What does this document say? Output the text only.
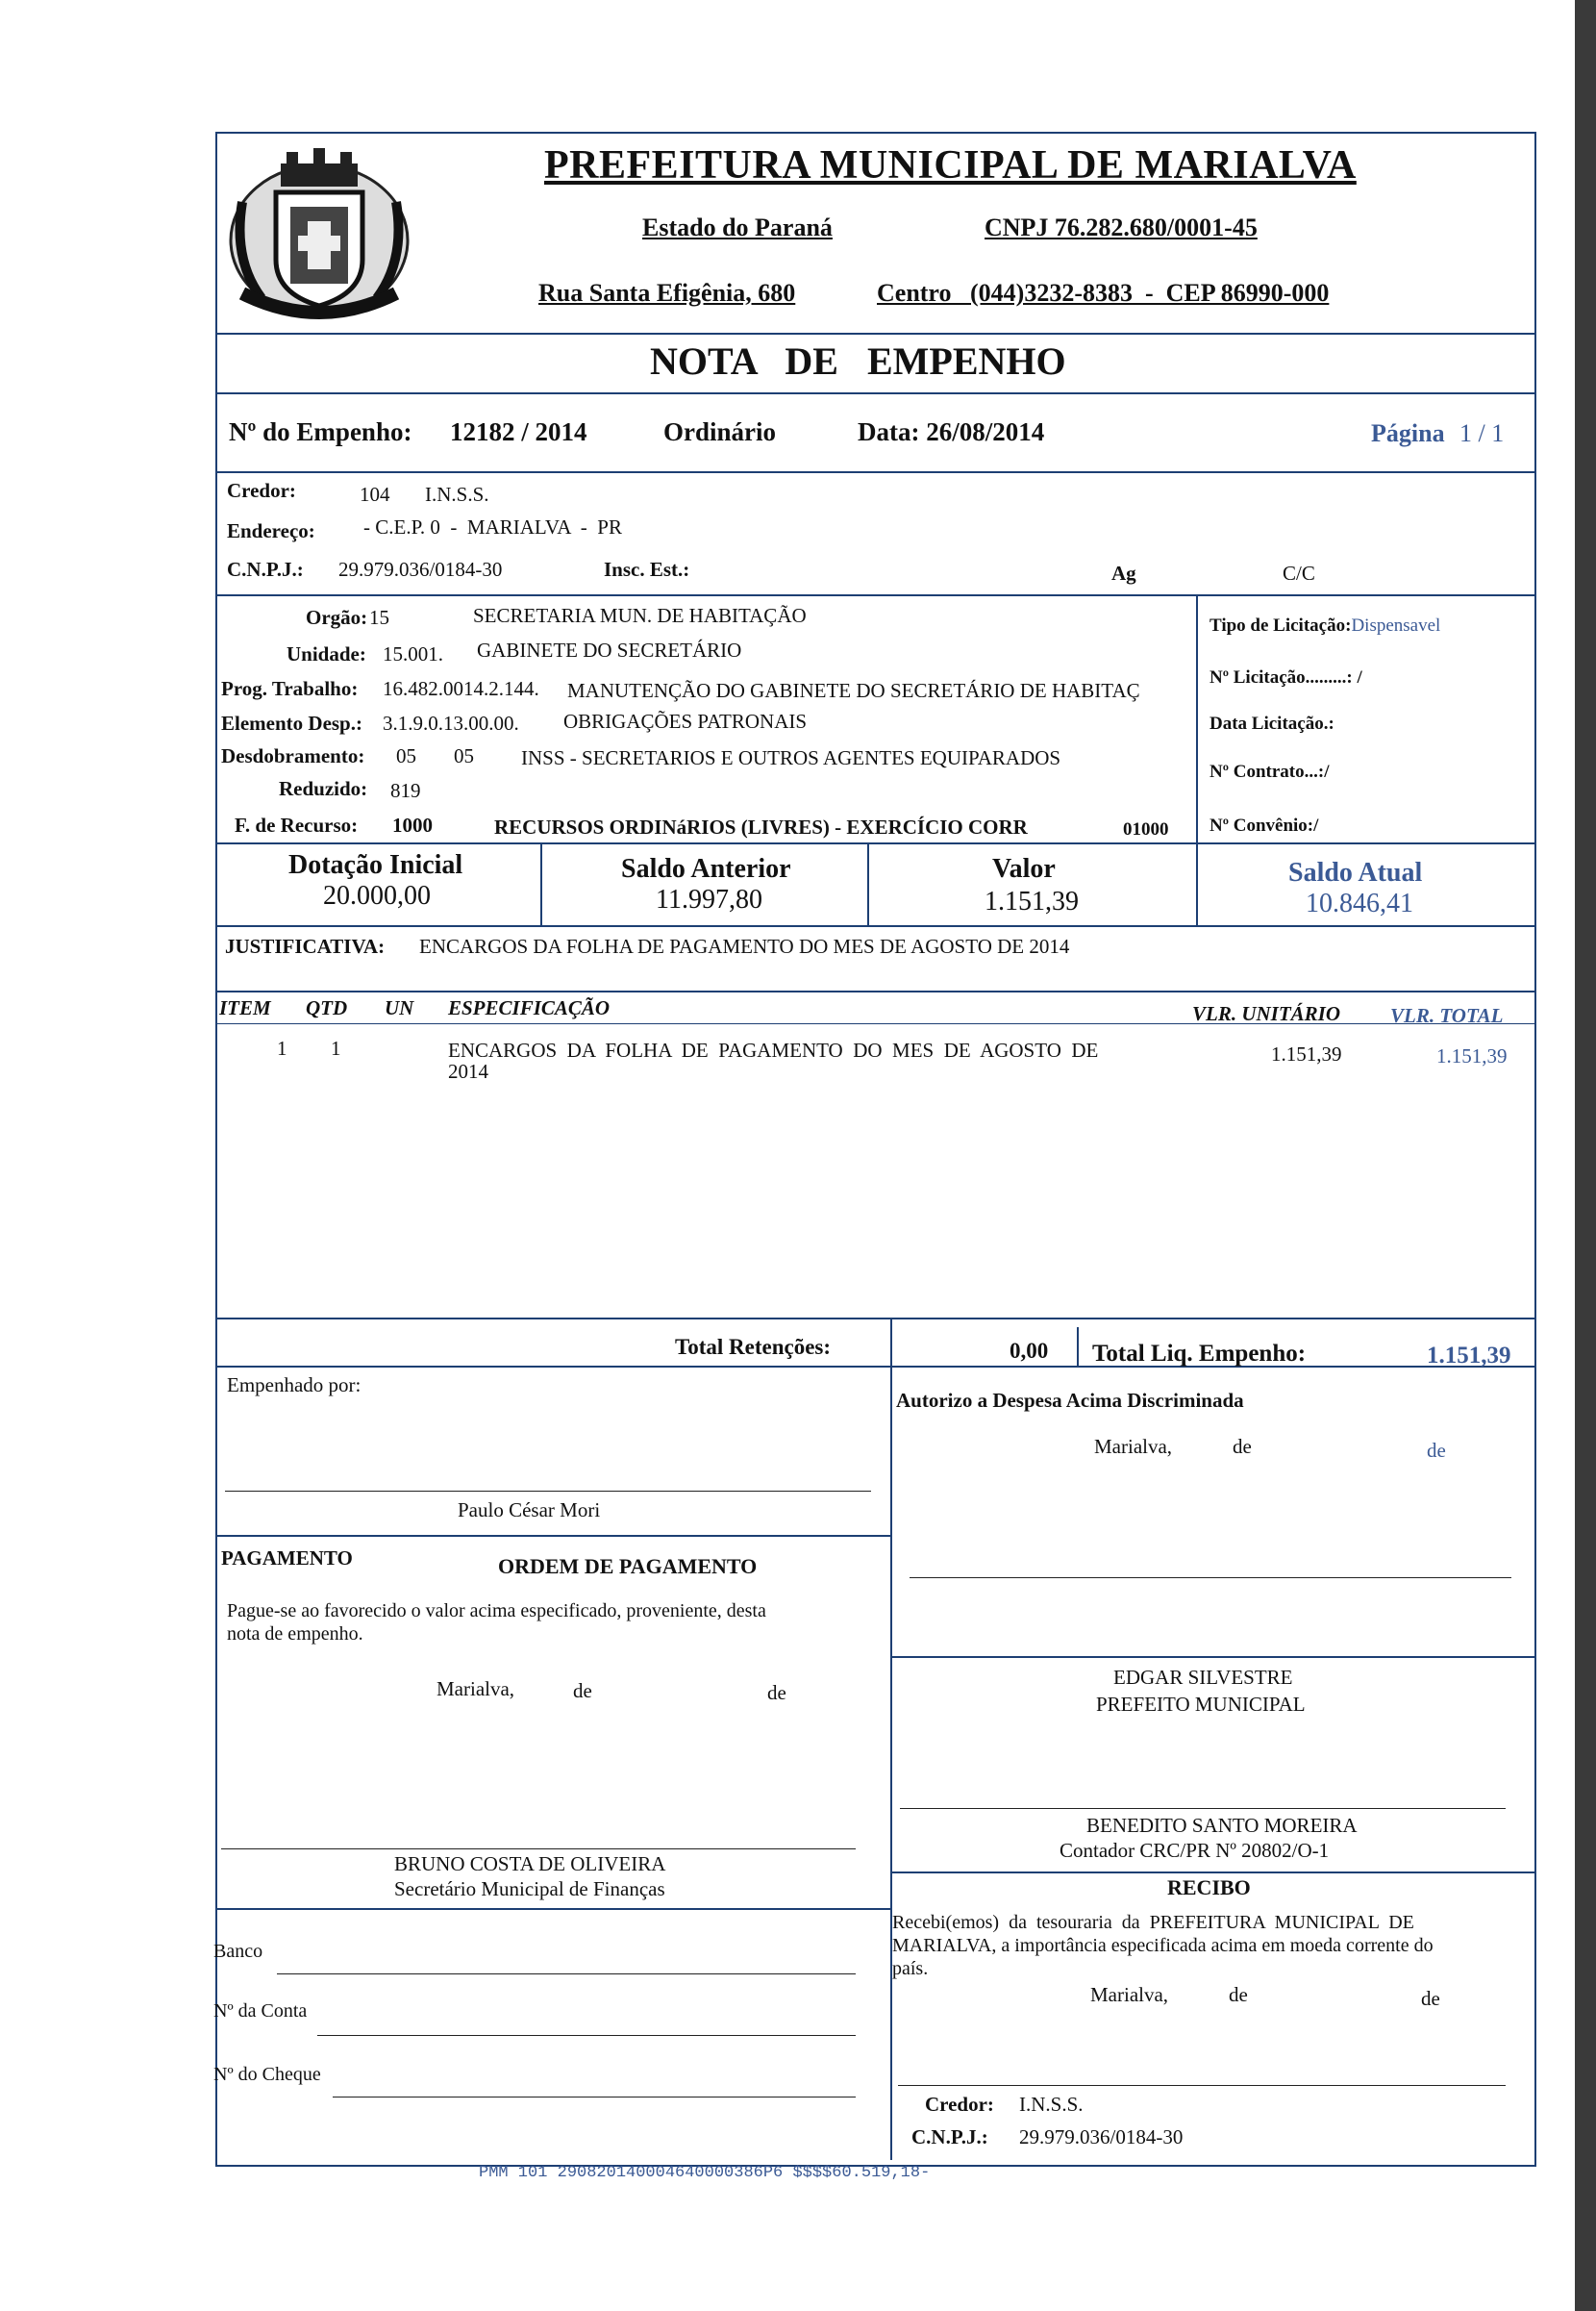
PREFEITURA MUNICIPAL DE MARIALVA
Estado do Paraná	CNPJ 76.282.680/0001-45
Rua Santa Efigênia, 680	Centro   (044)3232-8383  -  CEP 86990-000
NOTA   DE   EMPENHO
Nº do Empenho: 12182 / 2014	Ordinário	Data: 26/08/2014	Página 1 / 1
Credor:	104 I.N.S.S.
Endereço: - C.E.P. 0  -  MARIALVA  -  PR
C.N.P.J.: 29.979.036/0184-30	Insc. Est.:	Ag	C/C
Orgão: 15	SECRETARIA MUN. DE HABITAÇÃO
Unidade: 15.001. GABINETE DO SECRETÁRIO
Prog. Trabalho: 16.482.0014.2.144. MANUTENÇÃO DO GABINETE DO SECRETÁRIO DE HABITAÇ
Elemento Desp.: 3.1.9.0.13.00.00. OBRIGAÇÕES PATRONAIS
Desdobramento: 05 05 INSS - SECRETARIOS E OUTROS AGENTES EQUIPARADOS
Reduzido: 819
F. de Recurso: 1000	RECURSOS ORDINáRIOS (LIVRES) - EXERCÍCIO CORR	01000
Tipo de Licitação:Dispensavel
Nº Licitação.........: /
Data Licitação.:
Nº Contrato...:/
Nº Convênio:/
Dotação Inicial
20.000,00
Saldo Anterior
11.997,80
Valor
1.151,39
Saldo Atual
10.846,41
JUSTIFICATIVA: ENCARGOS DA FOLHA DE PAGAMENTO DO MES DE AGOSTO DE 2014
ITEM QTD UN ESPECIFICAÇÃO	VLR. UNITÁRIO VLR. TOTAL
1 1	ENCARGOS  DA  FOLHA  DE  PAGAMENTO  DO  MES  DE  AGOSTO  DE
2014
1.151,39	1.151,39
Total Retenções:	0,00 Total Liq. Empenho:	1.151,39
Empenhado por:
Paulo César Mori
Autorizo a Despesa Acima Discriminada
Marialva,	de	de
EDGAR SILVESTRE
PREFEITO MUNICIPAL
BENEDITO SANTO MOREIRA
Contador CRC/PR Nº 20802/O-1
PAGAMENTO	ORDEM DE PAGAMENTO
Pague-se ao favorecido o valor acima especificado, proveniente, desta
nota de empenho.
Marialva,	de	de
BRUNO COSTA DE OLIVEIRA
Secretário Municipal de Finanças
Banco
Nº da Conta
Nº do Cheque
RECIBO
Recebi(emos)  da  tesouraria  da  PREFEITURA  MUNICIPAL  DE
MARIALVA, a importância especificada acima em moeda corrente do
país.
Marialva,	de	de
Credor: I.N.S.S.
C.N.P.J.: 29.979.036/0184-30
PMM 101 290820140004640000386P6 $$$$60.519,18-
